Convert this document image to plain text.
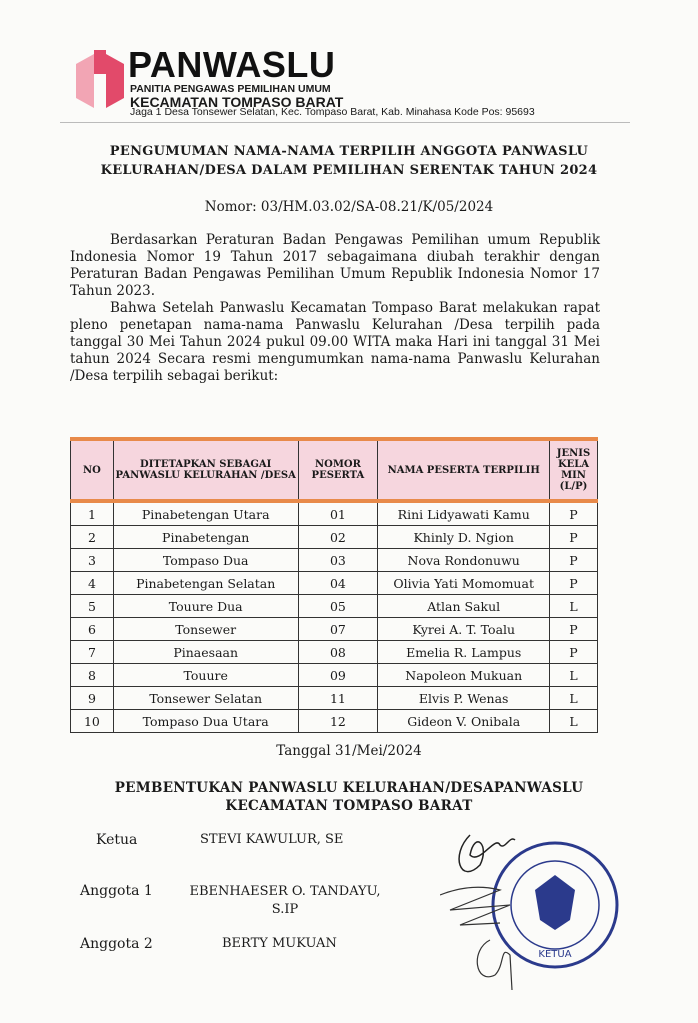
PANWASLU
PANITIA PENGAWAS PEMILIHAN UMUM
KECAMATAN TOMPASO BARAT
Jaga 1 Desa Tonsewer Selatan, Kec. Tompaso Barat, Kab. Minahasa Kode Pos: 95693
PENGUMUMAN NAMA-NAMA TERPILIH ANGGOTA PANWASLU
KELURAHAN/DESA DALAM PEMILIHAN SERENTAK TAHUN 2024
Nomor: 03/HM.03.02/SA-08.21/K/05/2024

Berdasarkan Peraturan Badan Pengawas Pemilihan umum Republik Indonesia Nomor 19 Tahun 2017 sebagaimana diubah terakhir dengan Peraturan Badan Pengawas Pemilihan Umum Republik Indonesia Nomor 17 Tahun 2023.

Bahwa Setelah Panwaslu Kecamatan Tompaso Barat melakukan rapat pleno penetapan nama-nama Panwaslu Kelurahan /Desa terpilih pada tanggal 30 Mei Tahun 2024 pukul 09.00 WITA maka Hari ini tanggal 31 Mei tahun 2024 Secara resmi mengumumkan nama-nama Panwaslu Kelurahan /Desa terpilih sebagai berikut:

NO	DITETAPKAN SEBAGAI PANWASLU KELURAHAN /DESA	NOMOR PESERTA	NAMA PESERTA TERPILIH	JENIS KELA MIN (L/P)
1	Pinabetengan Utara	01	Rini Lidyawati Kamu	P
2	Pinabetengan	02	Khinly D. Ngion	P
3	Tompaso Dua	03	Nova Rondonuwu	P
4	Pinabetengan Selatan	04	Olivia Yati Momomuat	P
5	Touure Dua	05	Atlan Sakul	L
6	Tonsewer	07	Kyrei A. T. Toalu	P
7	Pinaesaan	08	Emelia R. Lampus	P
8	Touure	09	Napoleon Mukuan	L
9	Tonsewer Selatan	11	Elvis P. Wenas	L
10	Tompaso Dua Utara	12	Gideon V. Onibala	L
Tanggal 31/Mei/2024
PEMBENTUKAN PANWASLU KELURAHAN/DESAPANWASLU
KECAMATAN TOMPASO BARAT
Ketua	STEVI KAWULUR, SE
Anggota 1	EBENHAESER O. TANDAYU, S.IP
Anggota 2	BERTY MUKUAN
KETUA
